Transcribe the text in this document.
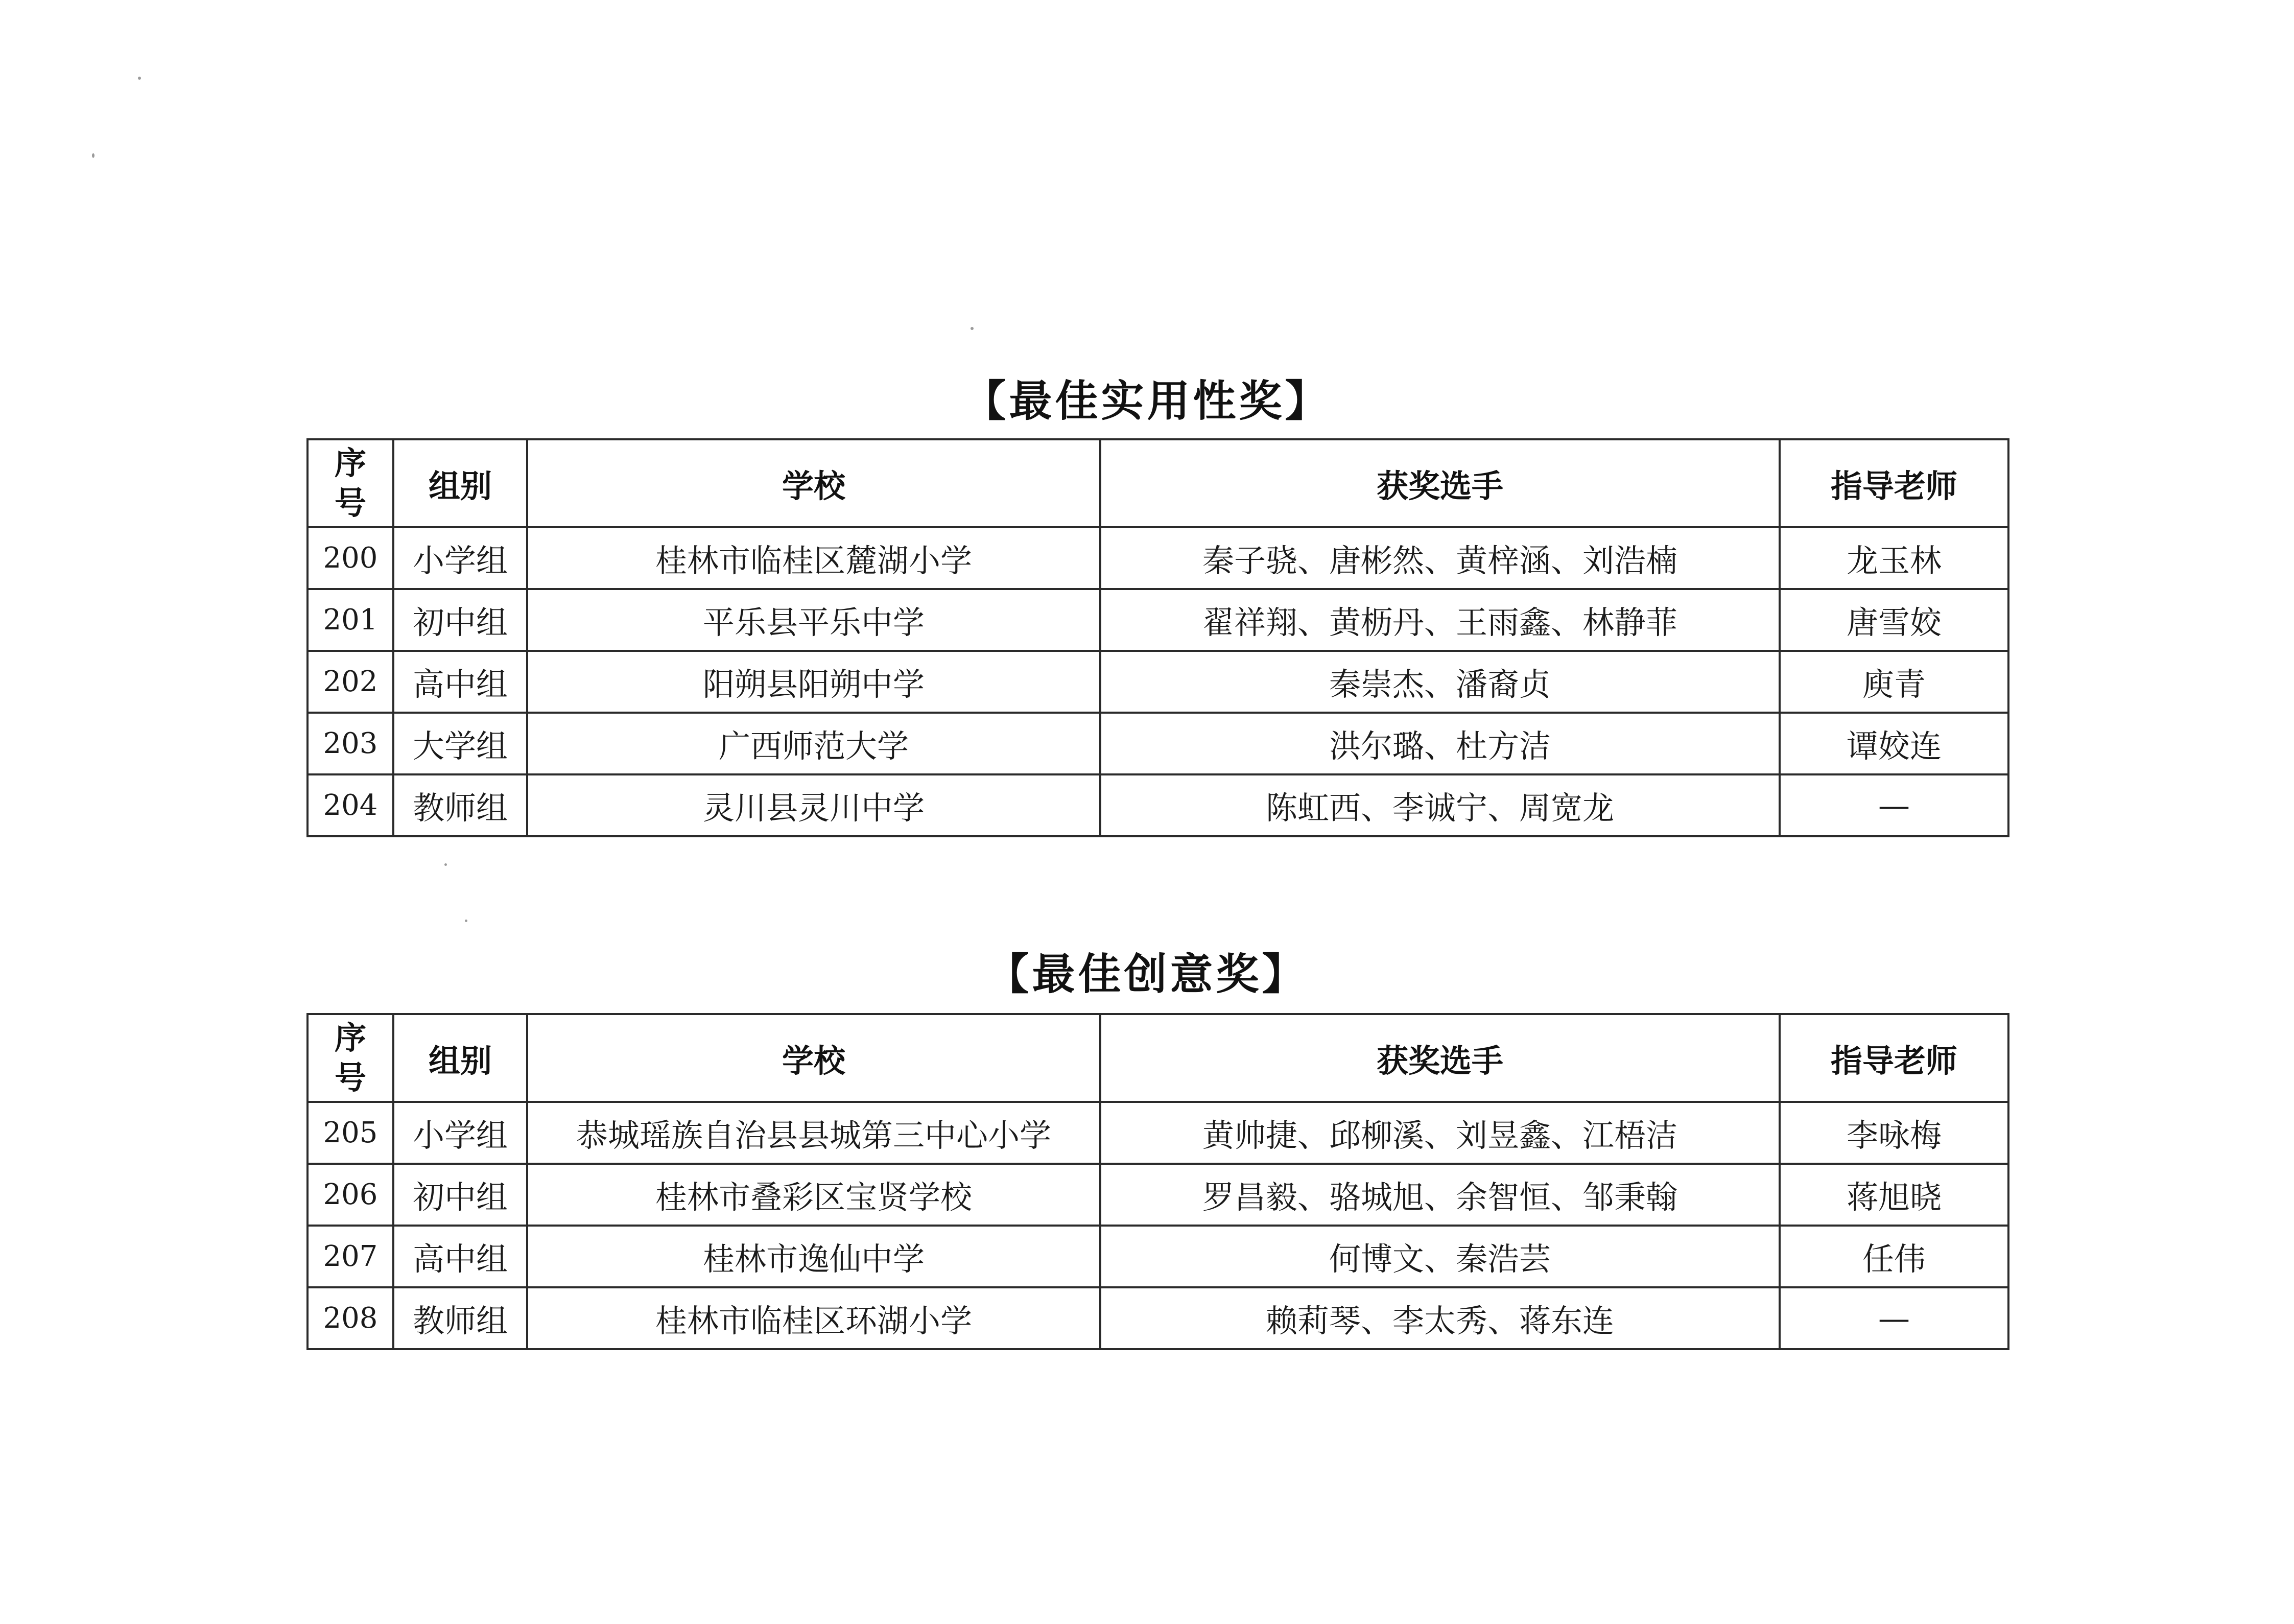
【最佳实用性奖】
序
号	组别	学校	获奖选手	指导老师
200	小学组	桂林市临桂区麓湖小学	秦子骁、唐彬然、黄梓涵、刘浩楠	龙玉林
201	初中组	平乐县平乐中学	翟祥翔、黄枥丹、王雨鑫、林静菲	唐雪姣
202	高中组	阳朔县阳朔中学	秦崇杰、潘裔贞	庾青
203	大学组	广西师范大学	洪尔璐、杜方洁	谭姣连
204	教师组	灵川县灵川中学	陈虹西、李诚宁、周宽龙	—
【最佳创意奖】
序
号	组别	学校	获奖选手	指导老师
205	小学组	恭城瑶族自治县县城第三中心小学	黄帅捷、邱柳溪、刘昱鑫、江梧洁	李咏梅
206	初中组	桂林市叠彩区宝贤学校	罗昌毅、骆城旭、余智恒、邹秉翰	蒋旭晓
207	高中组	桂林市逸仙中学	何博文、秦浩芸	任伟
208	教师组	桂林市临桂区环湖小学	赖莉琴、李太秀、蒋东连	—
